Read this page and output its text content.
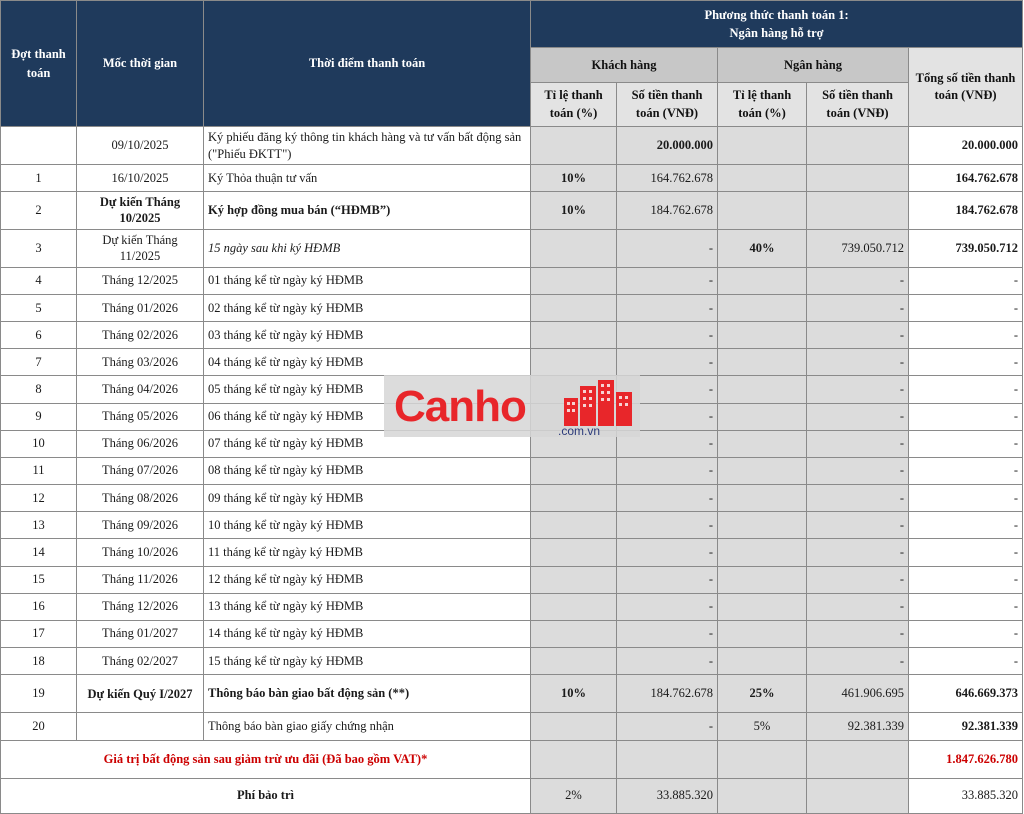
Đợt thanh toán	Mốc thời gian	Thời điểm thanh toán	Phương thức thanh toán 1:
Ngân hàng hỗ trợ				

			Khách hàng		Ngân hàng		Tổng số tiền thanh toán (VNĐ)
			Tỉ lệ thanh toán (%)	Số tiền thanh toán (VNĐ)	Tỉ lệ thanh toán (%)	Số tiền thanh toán (VNĐ)	
	09/10/2025	Ký phiếu đăng ký thông tin khách hàng và tư vấn bất động sản ("Phiếu ĐKTT")		20.000.000			20.000.000
1	16/10/2025	Ký Thỏa thuận tư vấn	10%	164.762.678			164.762.678
2	Dự kiến Tháng 10/2025	Ký hợp đồng mua bán (“HĐMB”)	10%	184.762.678			184.762.678
3	Dự kiến Tháng 11/2025	15 ngày sau khi ký HĐMB		-	40%	739.050.712	739.050.712
4	Tháng 12/2025	01 tháng kể từ ngày ký HĐMB		-		-	-
5	Tháng 01/2026	02 tháng kể từ ngày ký HĐMB		-		-	-
6	Tháng 02/2026	03 tháng kể từ ngày ký HĐMB		-		-	-
7	Tháng 03/2026	04 tháng kể từ ngày ký HĐMB		-		-	-
8	Tháng 04/2026	05 tháng kể từ ngày ký HĐMB		-		-	-
9	Tháng 05/2026	06 tháng kể từ ngày ký HĐMB		-		-	-
10	Tháng 06/2026	07 tháng kể từ ngày ký HĐMB		-		-	-
11	Tháng 07/2026	08 tháng kể từ ngày ký HĐMB		-		-	-
12	Tháng 08/2026	09 tháng kể từ ngày ký HĐMB		-		-	-
13	Tháng 09/2026	10 tháng kể từ ngày ký HĐMB		-		-	-
14	Tháng 10/2026	11 tháng kể từ ngày ký HĐMB		-		-	-
15	Tháng 11/2026	12 tháng kể từ ngày ký HĐMB		-		-	-
16	Tháng 12/2026	13 tháng kể từ ngày ký HĐMB		-		-	-
17	Tháng 01/2027	14 tháng kể từ ngày ký HĐMB		-		-	-
18	Tháng 02/2027	15 tháng kể từ ngày ký HĐMB		-		-	-
19	Dự kiến Quý I/2027	Thông báo bàn giao bất động sản (**)	10%	184.762.678	25%	461.906.695	646.669.373
20		Thông báo bàn giao giấy chứng nhận		-	5%	92.381.339	92.381.339
Giá trị bất động sản sau giảm trừ ưu đãi (Đã bao gồm VAT)*							1.847.626.780
Phí bảo trì			2%	33.885.320			33.885.320
Canho	.com.vn
